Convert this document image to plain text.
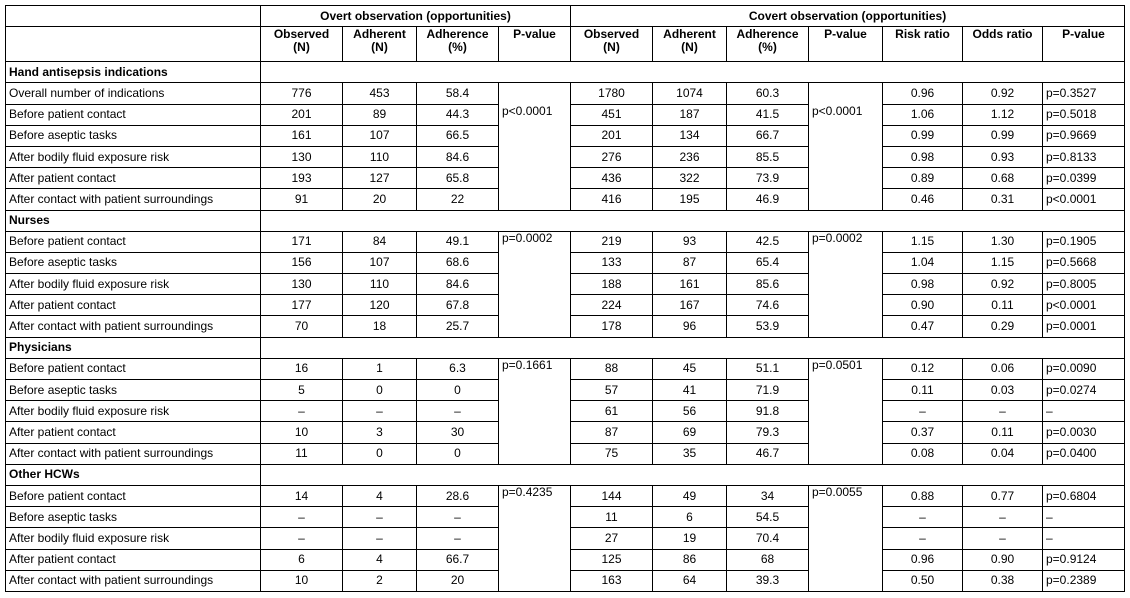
	Overt observation (opportunities)				Covert observation (opportunities)						
	Observed (N)	Adherent (N)	Adherence (%)	P-value	Observed (N)	Adherent (N)	Adherence (%)	P-value	Risk ratio	Odds ratio	P-value
Hand antisepsis indications											
Overall number of indications	776	453	58.4	p<0.0001	1780	1074	60.3	p<0.0001	0.96	0.92	p=0.3527
Before patient contact	201	89	44.3		451	187	41.5		1.06	1.12	p=0.5018
Before aseptic tasks	161	107	66.5		201	134	66.7		0.99	0.99	p=0.9669
After bodily fluid exposure risk	130	110	84.6		276	236	85.5		0.98	0.93	p=0.8133
After patient contact	193	127	65.8		436	322	73.9		0.89	0.68	p=0.0399
After contact with patient surroundings	91	20	22		416	195	46.9		0.46	0.31	p<0.0001
Nurses											
Before patient contact	171	84	49.1	p=0.0002	219	93	42.5	p=0.0002	1.15	1.30	p=0.1905
Before aseptic tasks	156	107	68.6		133	87	65.4		1.04	1.15	p=0.5668
After bodily fluid exposure risk	130	110	84.6		188	161	85.6		0.98	0.92	p=0.8005
After patient contact	177	120	67.8		224	167	74.6		0.90	0.11	p<0.0001
After contact with patient surroundings	70	18	25.7		178	96	53.9		0.47	0.29	p=0.0001
Physicians											
Before patient contact	16	1	6.3	p=0.1661	88	45	51.1	p=0.0501	0.12	0.06	p=0.0090
Before aseptic tasks	5	0	0		57	41	71.9		0.11	0.03	p=0.0274
After bodily fluid exposure risk	–	–	–		61	56	91.8		–	–	–
After patient contact	10	3	30		87	69	79.3		0.37	0.11	p=0.0030
After contact with patient surroundings	11	0	0		75	35	46.7		0.08	0.04	p=0.0400
Other HCWs											
Before patient contact	14	4	28.6	p=0.4235	144	49	34	p=0.0055	0.88	0.77	p=0.6804
Before aseptic tasks	–	–	–		11	6	54.5		–	–	–
After bodily fluid exposure risk	–	–	–		27	19	70.4		–	–	–
After patient contact	6	4	66.7		125	86	68		0.96	0.90	p=0.9124
After contact with patient surroundings	10	2	20		163	64	39.3		0.50	0.38	p=0.2389
